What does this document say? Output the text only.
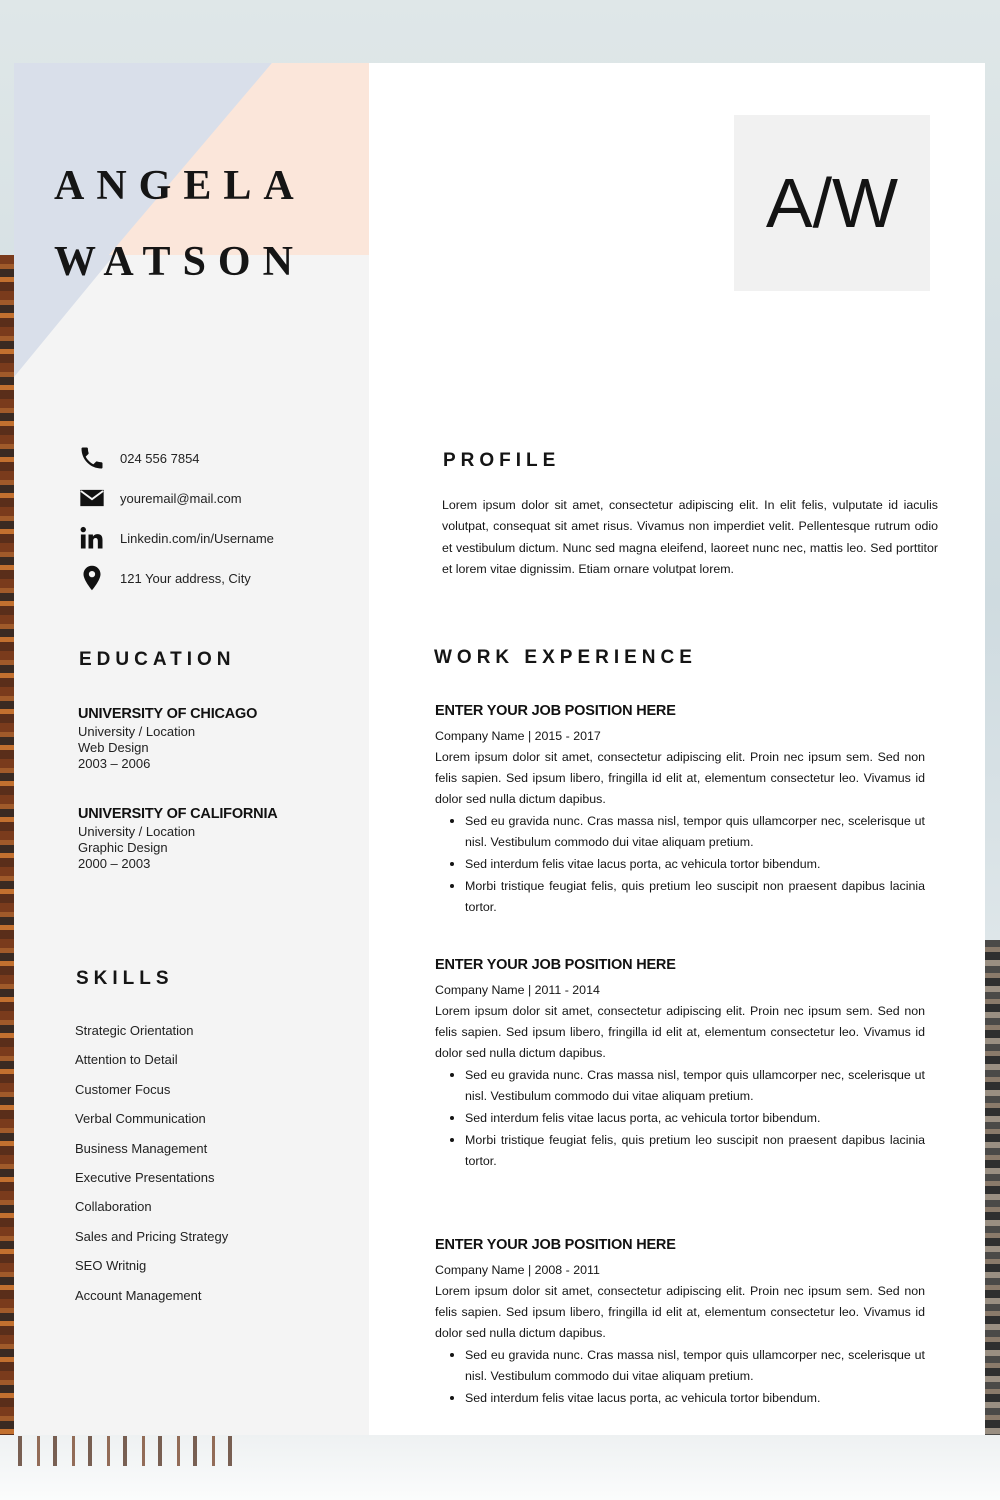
ANGELA
WATSON
024 556 7854
youremail@mail.com
Linkedin.com/in/Username
121 Your address, City
EDUCATION

UNIVERSITY OF CHICAGO

University / Location
Web Design
2003 – 2006

UNIVERSITY OF CALIFORNIA

University / Location
Graphic Design
2000 – 2003
SKILLS
Strategic Orientation
Attention to Detail
Customer Focus
Verbal Communication
Business Management
Executive Presentations
Collaboration
Sales and Pricing Strategy
SEO Writnig
Account Management
A/W
PROFILE

Lorem ipsum dolor sit amet, consectetur adipiscing elit. In elit felis, vulputate id iaculis volutpat, consequat sit amet risus. Vivamus non imperdiet velit. Pellentesque rutrum odio et vestibulum dictum. Nunc sed magna eleifend, laoreet nunc nec, mattis leo. Sed porttitor et lorem vitae dignissim. Etiam ornare volutpat lorem.

WORK EXPERIENCE

ENTER YOUR JOB POSITION HERE

Company Name | 2015 - 2017

Lorem ipsum dolor sit amet, consectetur adipiscing elit. Proin nec ipsum sem. Sed non felis sapien. Sed ipsum libero, fringilla id elit at, elementum consectetur leo. Vivamus id dolor sed nulla dictum dapibus.

• Sed eu gravida nunc. Cras massa nisl, tempor quis ullamcorper nec, scelerisque ut nisl. Vestibulum commodo dui vitae aliquam pretium.
• Sed interdum felis vitae lacus porta, ac vehicula tortor bibendum.
• Morbi tristique feugiat felis, quis pretium leo suscipit non praesent dapibus lacinia tortor.

ENTER YOUR JOB POSITION HERE

Company Name | 2011 - 2014

Lorem ipsum dolor sit amet, consectetur adipiscing elit. Proin nec ipsum sem. Sed non felis sapien. Sed ipsum libero, fringilla id elit at, elementum consectetur leo. Vivamus id dolor sed nulla dictum dapibus.

• Sed eu gravida nunc. Cras massa nisl, tempor quis ullamcorper nec, scelerisque ut nisl. Vestibulum commodo dui vitae aliquam pretium.
• Sed interdum felis vitae lacus porta, ac vehicula tortor bibendum.
• Morbi tristique feugiat felis, quis pretium leo suscipit non praesent dapibus lacinia tortor.

ENTER YOUR JOB POSITION HERE

Company Name | 2008 - 2011

Lorem ipsum dolor sit amet, consectetur adipiscing elit. Proin nec ipsum sem. Sed non felis sapien. Sed ipsum libero, fringilla id elit at, elementum consectetur leo. Vivamus id dolor sed nulla dictum dapibus.

• Sed eu gravida nunc. Cras massa nisl, tempor quis ullamcorper nec, scelerisque ut nisl. Vestibulum commodo dui vitae aliquam pretium.
• Sed interdum felis vitae lacus porta, ac vehicula tortor bibendum.
